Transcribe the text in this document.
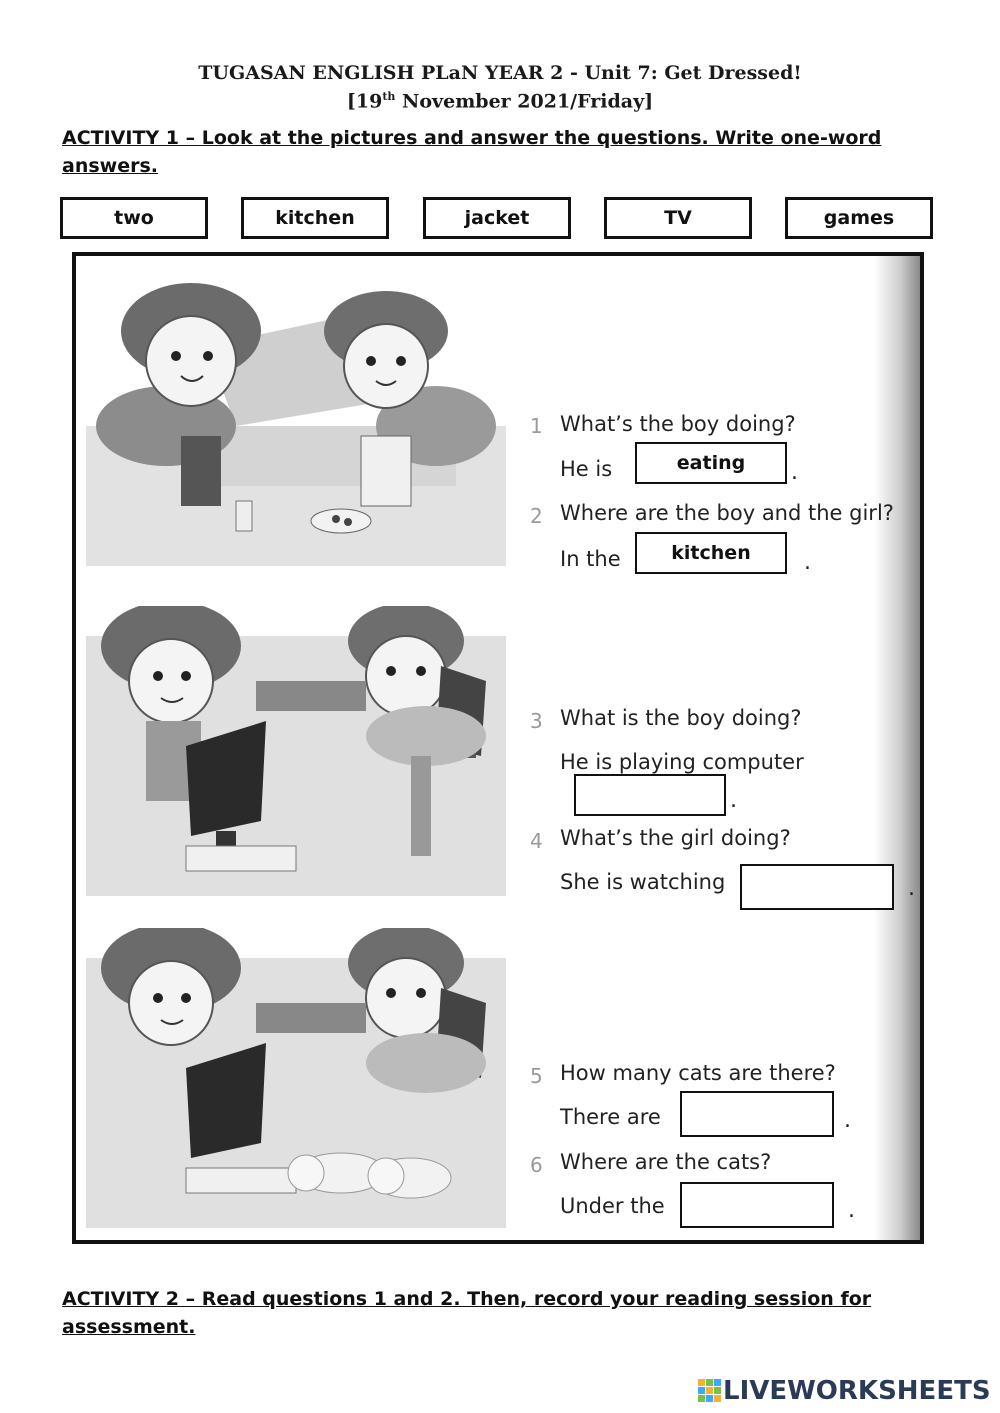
TUGASAN ENGLISH PLaN YEAR 2 - Unit 7: Get Dressed!
[19th November 2021/Friday]
ACTIVITY 1 – Look at the pictures and answer the questions. Write one-word
answers.
two	kitchen	jacket	TV	games
1 What’s the boy doing?
He is	eating	.
2 Where are the boy and the girl?
In the	kitchen	.
3 What is the boy doing?
He is playing computer
.
4 What’s the girl doing?
She is watching	.
5 How many cats are there?
There are	.
6 Where are the cats?
Under the	.
ACTIVITY 2 – Read questions 1 and 2. Then, record your reading session for
assessment.
LIVEWORKSHEETS
